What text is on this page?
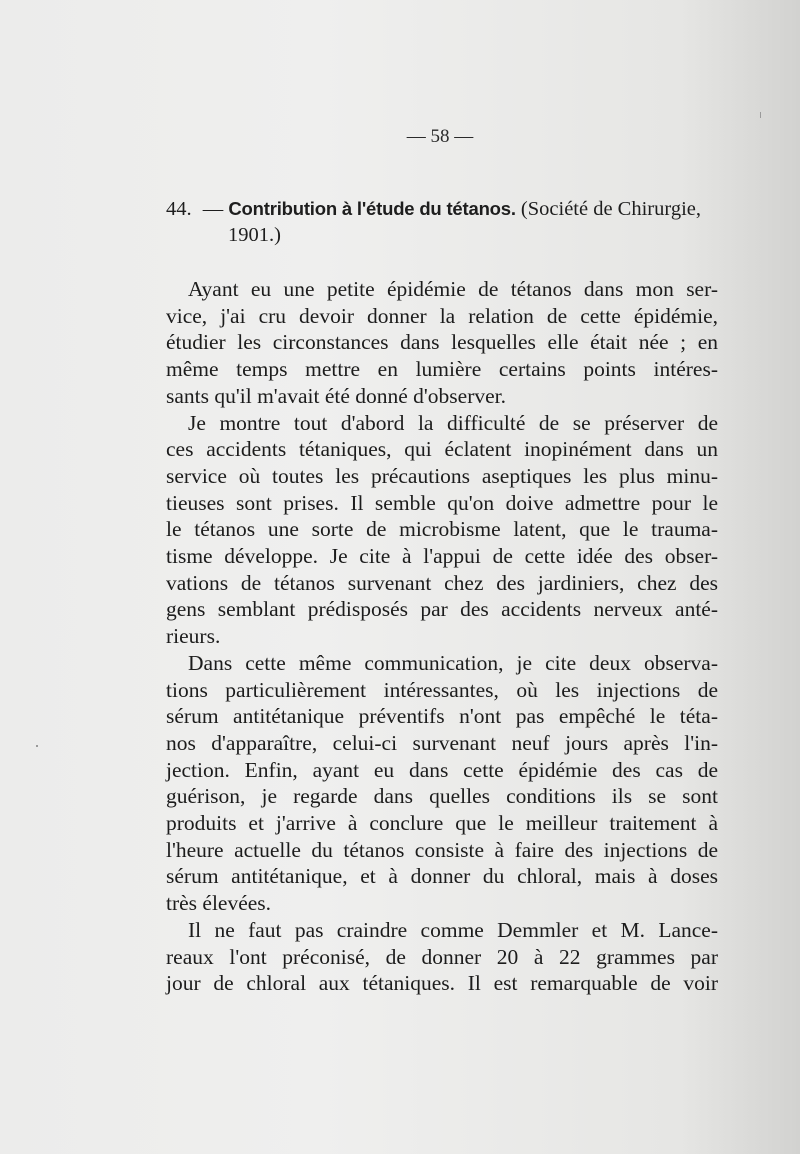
— 58 —
44. — Contribution à l'étude du tétanos. (Société de Chirurgie,
1901.)
Ayant eu une petite épidémie de tétanos dans mon ser-
vice, j'ai cru devoir donner la relation de cette épidémie,
étudier les circonstances dans lesquelles elle était née ; en
même temps mettre en lumière certains points intéres-
sants qu'il m'avait été donné d'observer.
Je montre tout d'abord la difficulté de se préserver de
ces accidents tétaniques, qui éclatent inopinément dans un
service où toutes les précautions aseptiques les plus minu-
tieuses sont prises. Il semble qu'on doive admettre pour le
le tétanos une sorte de microbisme latent, que le trauma-
tisme développe. Je cite à l'appui de cette idée des obser-
vations de tétanos survenant chez des jardiniers, chez des
gens semblant prédisposés par des accidents nerveux anté-
rieurs.
Dans cette même communication, je cite deux observa-
tions particulièrement intéressantes, où les injections de
sérum antitétanique préventifs n'ont pas empêché le téta-
nos d'apparaître, celui-ci survenant neuf jours après l'in-
jection. Enfin, ayant eu dans cette épidémie des cas de
guérison, je regarde dans quelles conditions ils se sont
produits et j'arrive à conclure que le meilleur traitement à
l'heure actuelle du tétanos consiste à faire des injections de
sérum antitétanique, et à donner du chloral, mais à doses
très élevées.
Il ne faut pas craindre comme Demmler et M. Lance-
reaux l'ont préconisé, de donner 20 à 22 grammes par
jour de chloral aux tétaniques. Il est remarquable de voir
